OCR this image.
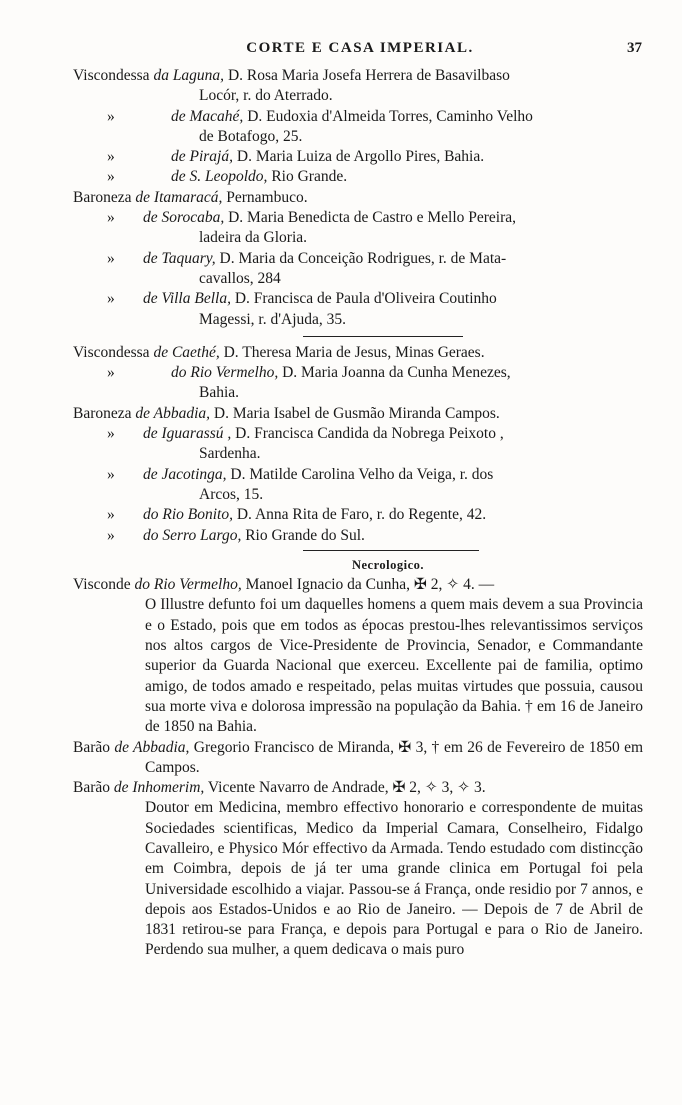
CORTE E CASA IMPERIAL.	37
Viscondessa da Laguna, D. Rosa Maria Josefa Herrera de Basavilbaso
Locór, r. do Aterrado.
»	de Macahé, D. Eudoxia d'Almeida Torres, Caminho Velho
de Botafogo, 25.
»	de Pirajá, D. Maria Luiza de Argollo Pires, Bahia.
»	de S. Leopoldo, Rio Grande.
Baroneza de Itamaracá, Pernambuco.
» de Sorocaba, D. Maria Benedicta de Castro e Mello Pereira,
ladeira da Gloria.
» de Taquary, D. Maria da Conceição Rodrigues, r. de Mata-
cavallos, 284
» de Villa Bella, D. Francisca de Paula d'Oliveira Coutinho
Magessi, r. d'Ajuda, 35.
Viscondessa de Caethé, D. Theresa Maria de Jesus, Minas Geraes.
»	do Rio Vermelho, D. Maria Joanna da Cunha Menezes,
Bahia.
Baroneza de Abbadia, D. Maria Isabel de Gusmão Miranda Campos.
» de Iguarassú , D. Francisca Candida da Nobrega Peixoto ,
Sardenha.
» de Jacotinga, D. Matilde Carolina Velho da Veiga, r. dos
Arcos, 15.
» do Rio Bonito, D. Anna Rita de Faro, r. do Regente, 42.
» do Serro Largo, Rio Grande do Sul.
Necrologico.
Visconde do Rio Vermelho, Manoel Ignacio da Cunha, ✠ 2, ✧ 4. —
O Illustre defunto foi um daquelles homens a quem mais devem a sua Provincia e o Estado, pois que em todos as épocas prestou-lhes relevantissimos serviços nos altos cargos de Vice-Presidente de Provincia, Senador, e Commandante superior da Guarda Nacional que exerceu. Excellente pai de familia, optimo amigo, de todos amado e respeitado, pelas muitas virtudes que possuia, causou sua morte viva e dolorosa impressão na população da Bahia. † em 16 de Janeiro de 1850 na Bahia.
Barão de Abbadia, Gregorio Francisco de Miranda, ✠ 3, † em 26 de Fevereiro de 1850 em Campos.
Barão de Inhomerim, Vicente Navarro de Andrade, ✠ 2, ✧ 3, ✧ 3.
Doutor em Medicina, membro effectivo honorario e correspondente de muitas Sociedades scientificas, Medico da Imperial Camara, Conselheiro, Fidalgo Cavalleiro, e Physico Mór effectivo da Armada. Tendo estudado com distincção em Coimbra, depois de já ter uma grande clinica em Portugal foi pela Universidade escolhido a viajar. Passou-se á França, onde residio por 7 annos, e depois aos Estados-Unidos e ao Rio de Janeiro. — Depois de 7 de Abril de 1831 retirou-se para França, e depois para Portugal e para o Rio de Janeiro. Perdendo sua mulher, a quem dedicava o mais puro
